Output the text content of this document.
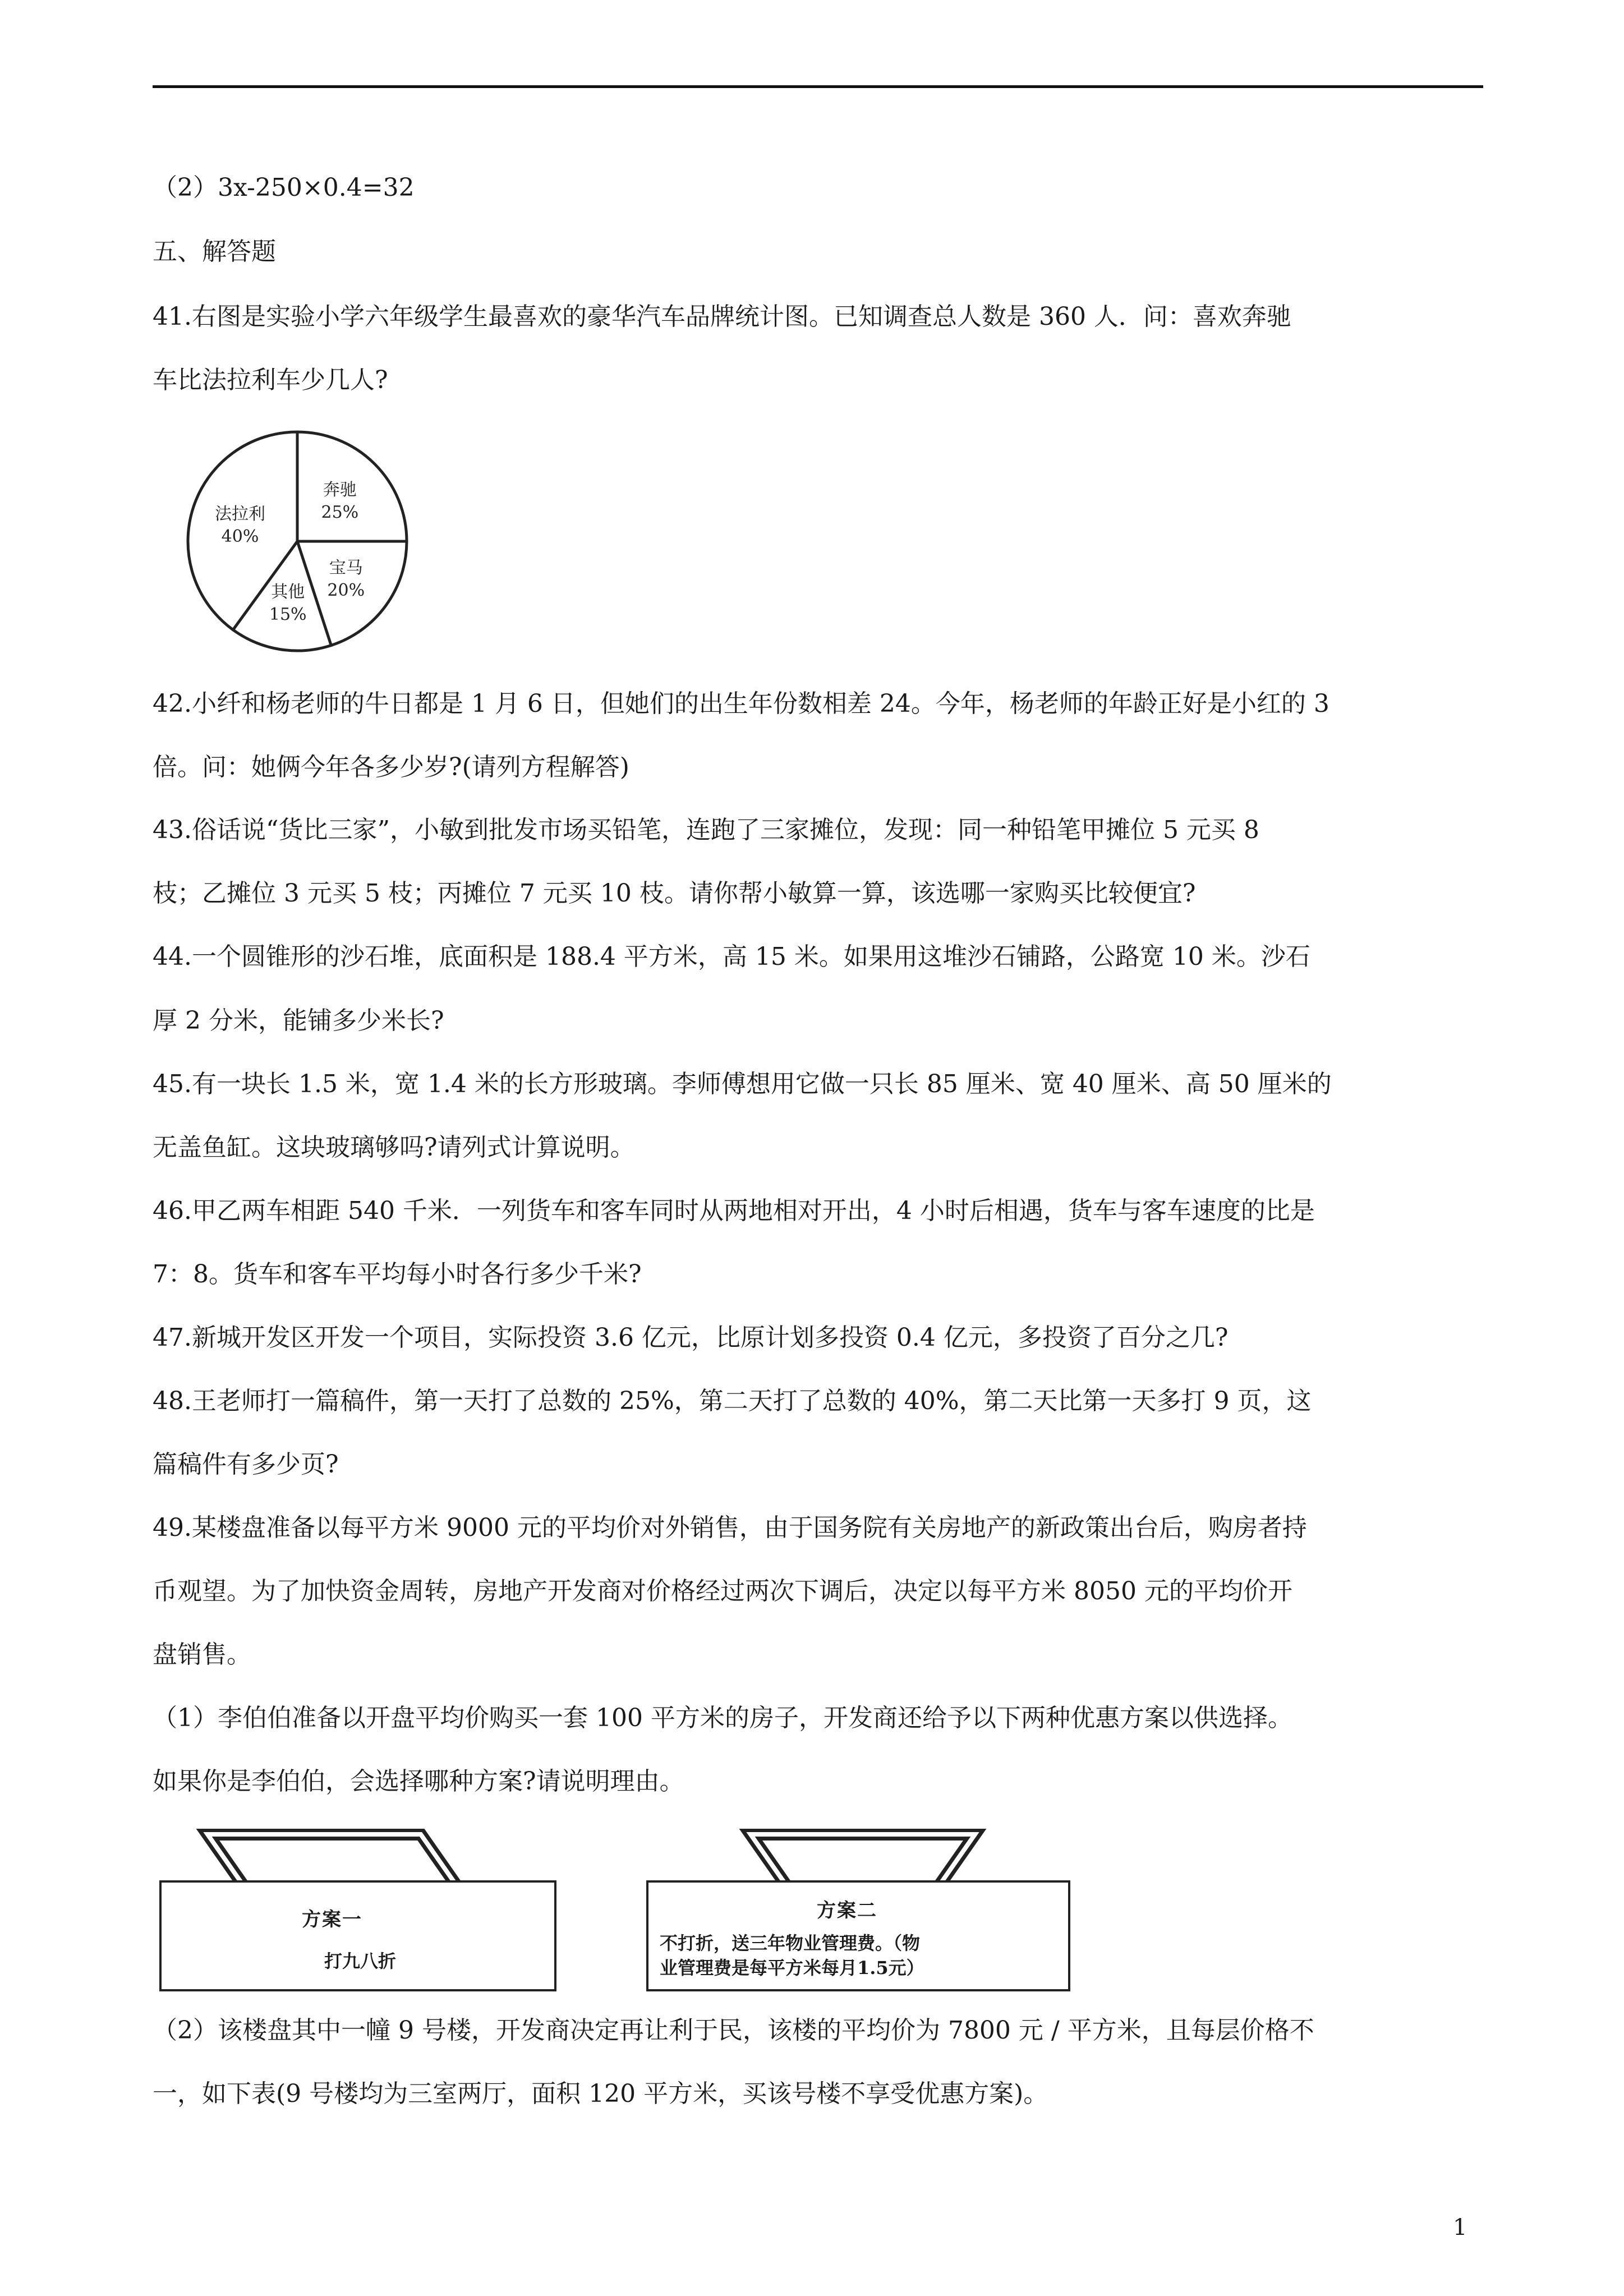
（2）3x-250×0.4=32
五、解答题
41.右图是实验小学六年级学生最喜欢的豪华汽车品牌统计图。已知调查总人数是 360 人．问：喜欢奔驰
车比法拉利车少几人?
奔驰
25%
宝马
20%
其他
15%
法拉利
40%
42.小纤和杨老师的牛日都是 1 月 6 日，但她们的出生年份数相差 24。今年，杨老师的年龄正好是小红的 3
倍。问：她俩今年各多少岁?(请列方程解答)
43.俗话说“货比三家”，小敏到批发市场买铅笔，连跑了三家摊位，发现：同一种铅笔甲摊位 5 元买 8
枝；乙摊位 3 元买 5 枝；丙摊位 7 元买 10 枝。请你帮小敏算一算，该选哪一家购买比较便宜?
44.一个圆锥形的沙石堆，底面积是 188.4 平方米，高 15 米。如果用这堆沙石铺路，公路宽 10 米。沙石
厚 2 分米，能铺多少米长?
45.有一块长 1.5 米，宽 1.4 米的长方形玻璃。李师傅想用它做一只长 85 厘米、宽 40 厘米、高 50 厘米的
无盖鱼缸。这块玻璃够吗?请列式计算说明。
46.甲乙两车相距 540 千米．一列货车和客车同时从两地相对开出，4 小时后相遇，货车与客车速度的比是
7：8。货车和客车平均每小时各行多少千米?
47.新城开发区开发一个项目，实际投资 3.6 亿元，比原计划多投资 0.4 亿元，多投资了百分之几?
48.王老师打一篇稿件，第一天打了总数的 25%，第二天打了总数的 40%，第二天比第一天多打 9 页，这
篇稿件有多少页?
49.某楼盘准备以每平方米 9000 元的平均价对外销售，由于国务院有关房地产的新政策出台后，购房者持
币观望。为了加快资金周转，房地产开发商对价格经过两次下调后，决定以每平方米 8050 元的平均价开
盘销售。
（1）李伯伯准备以开盘平均价购买一套 100 平方米的房子，开发商还给予以下两种优惠方案以供选择。
如果你是李伯伯，会选择哪种方案?请说明理由。
方案一
打九八折
方案二
不打折，送三年物业管理费。（物
业管理费是每平方米每月1.5元）
（2）该楼盘其中一幢 9 号楼，开发商决定再让利于民，该楼的平均价为 7800 元 / 平方米，且每层价格不
一，如下表(9 号楼均为三室两厅，面积 120 平方米，买该号楼不享受优惠方案)。
1
